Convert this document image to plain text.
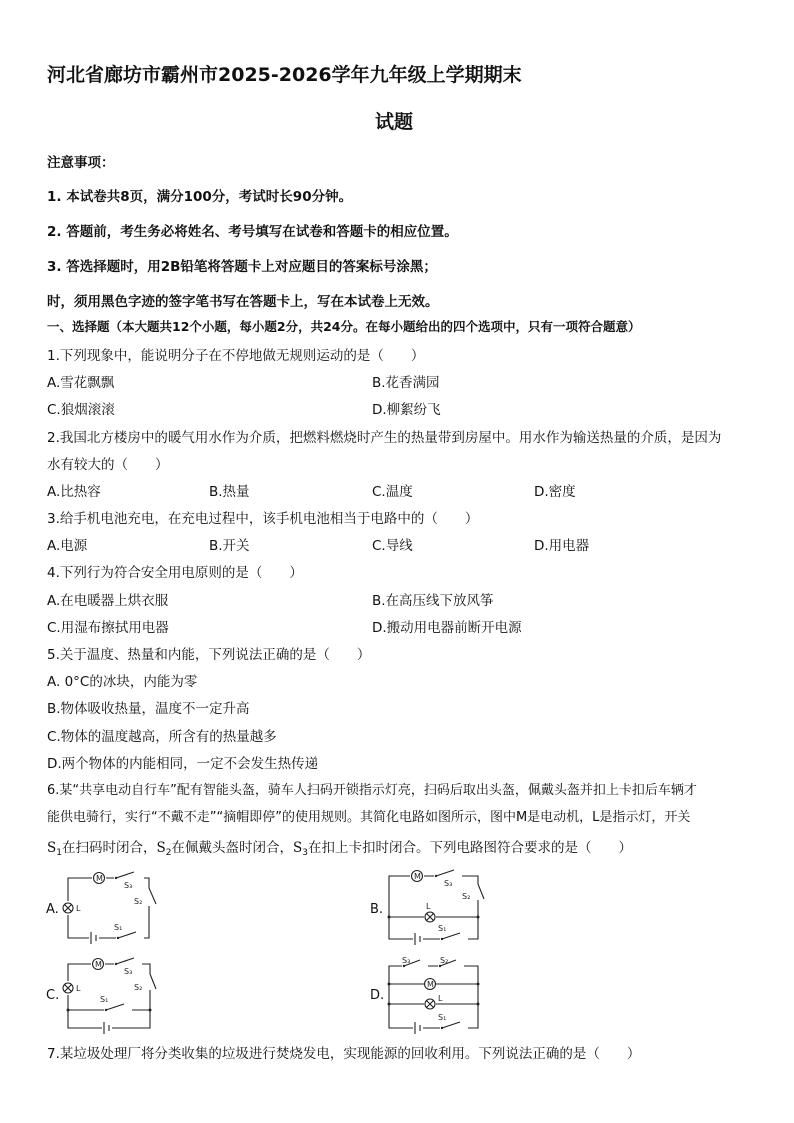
河北省廊坊市霸州市2025-2026学年九年级上学期期末
试题
注意事项：
1. 本试卷共8页，满分100分，考试时长90分钟。
2. 答题前，考生务必将姓名、考号填写在试卷和答题卡的相应位置。
3. 答选择题时，用2B铅笔将答题卡上对应题目的答案标号涂黑；
时，须用黑色字迹的签字笔书写在答题卡上，写在本试卷上无效。
一、选择题（本大题共12个小题，每小题2分，共24分。在每小题给出的四个选项中，只有一项符合题意）
1.下列现象中，能说明分子在不停地做无规则运动的是（　　）
A.雪花飘飘	B.花香满园
C.狼烟滚滚	D.柳絮纷飞
2.我国北方楼房中的暖气用水作为介质，把燃料燃烧时产生的热量带到房屋中。用水作为输送热量的介质，是因为
水有较大的（　　）
A.比热容	B.热量	C.温度	D.密度
3.给手机电池充电，在充电过程中，该手机电池相当于电路中的（　　）
A.电源	B.开关	C.导线	D.用电器
4.下列行为符合安全用电原则的是（　　）
A.在电暖器上烘衣服	B.在高压线下放风筝
C.用湿布擦拭用电器	D.搬动用电器前断开电源
5.关于温度、热量和内能，下列说法正确的是（　　）
A. 0°C的冰块，内能为零
B.物体吸收热量，温度不一定升高
C.物体的温度越高，所含有的热量越多
D.两个物体的内能相同，一定不会发生热传递
6.某“共享电动自行车”配有智能头盔，骑车人扫码开锁指示灯亮，扫码后取出头盔，佩戴头盔并扣上卡扣后车辆才
能供电骑行，实行“不戴不走”“摘帽即停”的使用规则。其简化电路如图所示，图中M是电动机，L是指示灯，开关
$S_1$在扫码时闭合，$S_2$在佩戴头盔时闭合，$S_3$在扣上卡扣时闭合。下列电路图符合要求的是（　　）
A.
M
S₃
S₂
L
S₁
B.
M
S₃
S₂
L
S₁
C.
M
S₃
S₂
L
S₁	D.
S₃	S₂
M
L
S₁
7.某垃圾处理厂将分类收集的垃圾进行焚烧发电，实现能源的回收利用。下列说法正确的是（　　）
